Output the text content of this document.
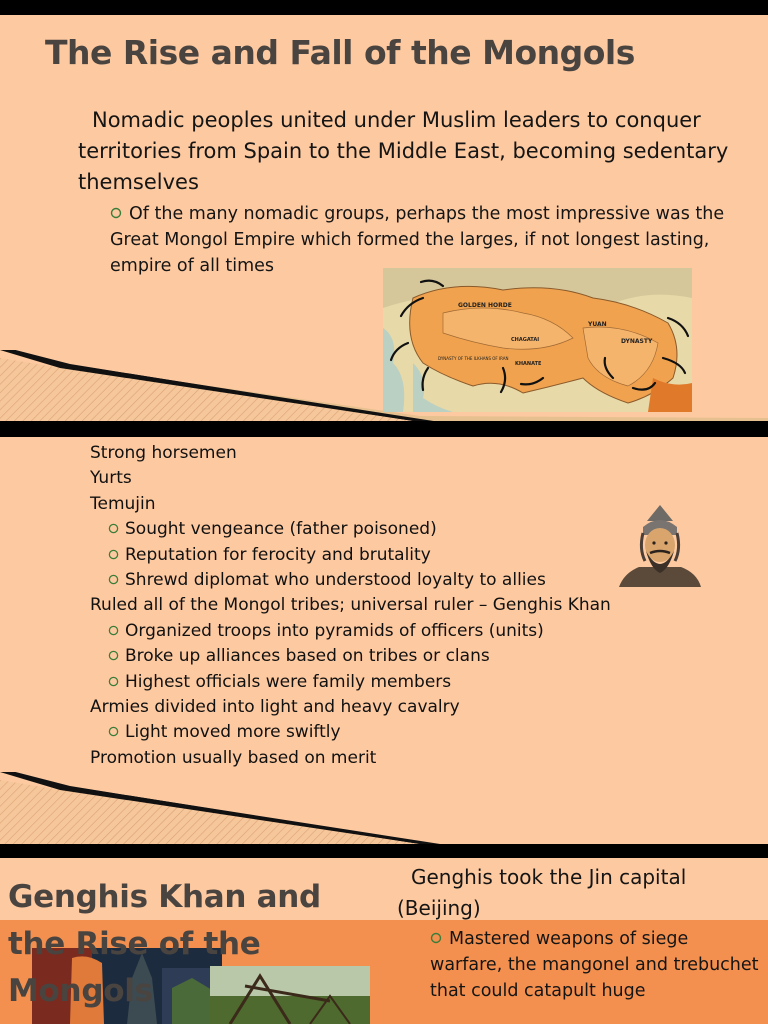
The Rise and Fall of the Mongols
Nomadic peoples united under Muslim leaders to conquer territories from Spain to the Middle East, becoming sedentary themselves
Of the many nomadic groups, perhaps the most impressive was the Great Mongol Empire which formed the larges, if not longest lasting, empire of all times
GOLDEN HORDE
YUAN
DYNASTY
CHAGATAI
KHANATE
DYNASTY OF THE ILKHANS OF IRAN
Strong horsemen
Yurts
Temujin
Sought vengeance (father poisoned)
Reputation for ferocity and brutality
Shrewd diplomat who understood loyalty to allies
Ruled all of the Mongol tribes; universal ruler – Genghis Khan
Organized troops into pyramids of officers (units)
Broke up alliances based on tribes or clans
Highest officials were family members
Armies divided into light and heavy cavalry
Light moved more swiftly
Promotion usually based on merit
Genghis Khan and the Rise of the Mongols
Genghis took the Jin capital (Beijing)
Mastered weapons of siege warfare, the mangonel and trebuchet that could catapult huge
